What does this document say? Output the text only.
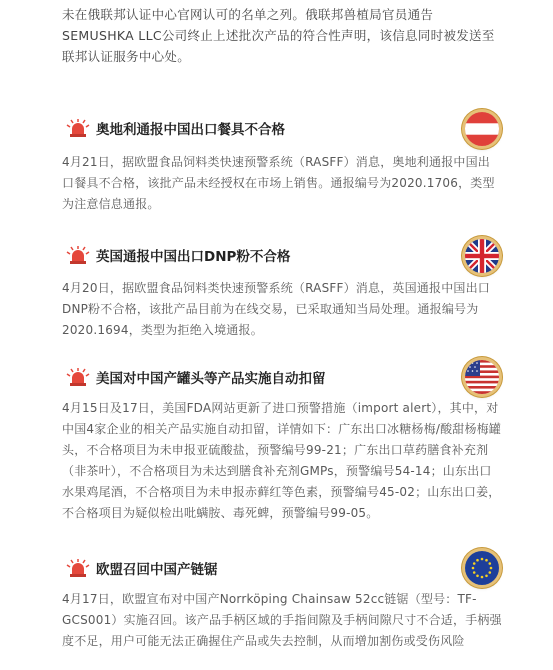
未在俄联邦认证中心官网认可的名单之列。俄联邦兽植局官员通告SEMUSHKA LLC公司终止上述批次产品的符合性声明，该信息同时被发送至联邦认证服务中心处。
奥地利通报中国出口餐具不合格

4月21日，据欧盟食品饲料类快速预警系统（RASFF）消息，奥地利通报中国出口餐具不合格，该批产品未经授权在市场上销售。通报编号为2020.1706，类型为注意信息通报。

英国通报中国出口DNP粉不合格

4月20日，据欧盟食品饲料类快速预警系统（RASFF）消息，英国通报中国出口DNP粉不合格，该批产品目前为在线交易，已采取通知当局处理。通报编号为2020.1694，类型为拒绝入境通报。

美国对中国产罐头等产品实施自动扣留

4月15日及17日，美国FDA网站更新了进口预警措施（import alert），其中，对中国4家企业的相关产品实施自动扣留，详情如下：广东出口冰糖杨梅/酸甜杨梅罐头，不合格项目为未申报亚硫酸盐，预警编号99-21；广东出口草药膳食补充剂（非茶叶），不合格项目为未达到膳食补充剂GMPs，预警编号54-14；山东出口水果鸡尾酒，不合格项目为未申报赤藓红等色素，预警编号45-02；山东出口姜，不合格项目为疑似检出吡螨胺、毒死蜱，预警编号99-05。

欧盟召回中国产链锯

4月17日，欧盟宣布对中国产Norrköping Chainsaw 52cc链锯（型号：TF-GCS001）实施召回。该产品手柄区域的手指间隙及手柄间隙尺寸不合适，手柄强度不足，用户可能无法正确握住产品或失去控制，从而增加割伤或受伤风险
